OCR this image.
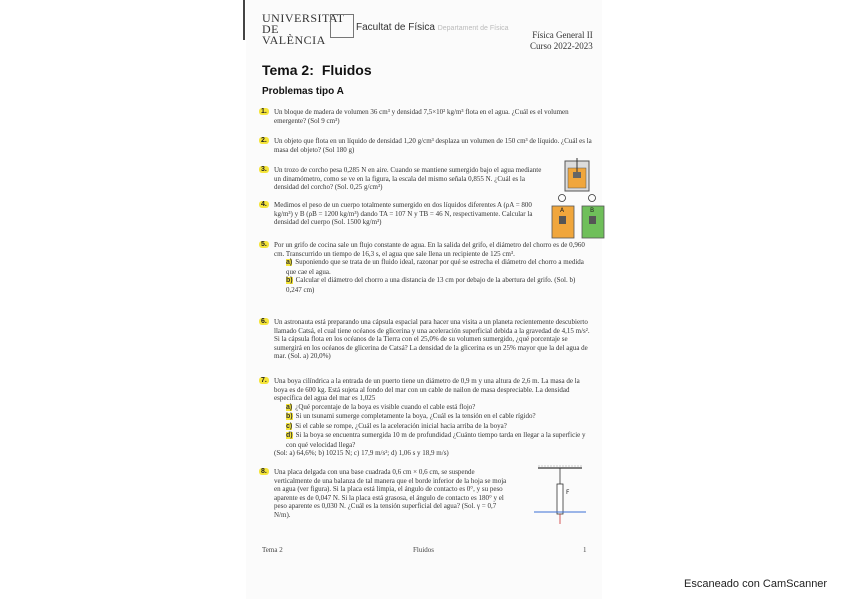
UNIVERSITAT DE VALÈNCIA
Facultat de Física Departament de Física
Física General II
Curso 2022-2023
Tema 2: Fluidos
Problemas tipo A
1. Un bloque de madera de volumen 36 cm³ y densidad 7,5×10² kg/m³ flota en el agua. ¿Cuál es el volumen emergente? (Sol 9 cm³)
2. Un objeto que flota en un líquido de densidad 1,20 g/cm³ desplaza un volumen de 150 cm³ de líquido. ¿Cuál es la masa del objeto? (Sol 180 g)
3. Un trozo de corcho pesa 0,285 N en aire. Cuando se mantiene sumergido bajo el agua mediante un dinamómetro, como se ve en la figura, la escala del mismo señala 0,855 N. ¿Cuál es la densidad del corcho? (Sol. 0,25 g/cm³)
4. Medimos el peso de un cuerpo totalmente sumergido en dos líquidos diferentes A (ρA = 800 kg/m³) y B (ρB = 1200 kg/m³) dando TA = 107 N y TB = 46 N, respectivamente. Calcular la densidad del cuerpo (Sol. 1500 kg/m³)
A	B
5. Por un grifo de cocina sale un flujo constante de agua. En la salida del grifo, el diámetro del chorro es de 0,960 cm. Transcurrido un tiempo de 16,3 s, el agua que sale llena un recipiente de 125 cm³.
a) Suponiendo que se trata de un fluido ideal, razonar por qué se estrecha el diámetro del chorro a medida que cae el agua.
b) Calcular el diámetro del chorro a una distancia de 13 cm por debajo de la abertura del grifo. (Sol. b) 0,247 cm)
6. Un astronauta está preparando una cápsula espacial para hacer una visita a un planeta recientemente descubierto llamado Catsá, el cual tiene océanos de glicerina y una aceleración superficial debida a la gravedad de 4,15 m/s². Si la cápsula flota en los océanos de la Tierra con el 25,0% de su volumen sumergido, ¿qué porcentaje se sumergirá en los océanos de glicerina de Catsá? La densidad de la glicerina es un 25% mayor que la del agua de mar. (Sol. a) 20,0%)
7. Una boya cilíndrica a la entrada de un puerto tiene un diámetro de 0,9 m y una altura de 2,6 m. La masa de la boya es de 600 kg. Está sujeta al fondo del mar con un cable de nailon de masa despreciable. La densidad específica del agua del mar es 1,025
a) ¿Qué porcentaje de la boya es visible cuando el cable está flojo?
b) Si un tsunami sumerge completamente la boya, ¿Cuál es la tensión en el cable rígido?
c) Si el cable se rompe, ¿Cuál es la aceleración inicial hacia arriba de la boya?
d) Si la boya se encuentra sumergida 10 m de profundidad ¿Cuánto tiempo tarda en llegar a la superficie y con qué velocidad llega?
(Sol: a) 64,6%; b) 10215 N; c) 17,9 m/s²; d) 1,06 s y 18,9 m/s)
8. Una placa delgada con una base cuadrada 0,6 cm × 0,6 cm, se suspende verticalmente de una balanza de tal manera que el borde inferior de la hoja se moja en agua (ver figura). Si la placa está limpia, el ángulo de contacto es 0°, y su peso aparente es de 0,047 N. Si la placa está grasosa, el ángulo de contacto es 180° y el peso aparente es 0,030 N. ¿Cuál es la tensión superficial del agua? (Sol. γ = 0,7 N/m).
F
Tema 2	Fluidos	1
Escaneado con CamScanner
